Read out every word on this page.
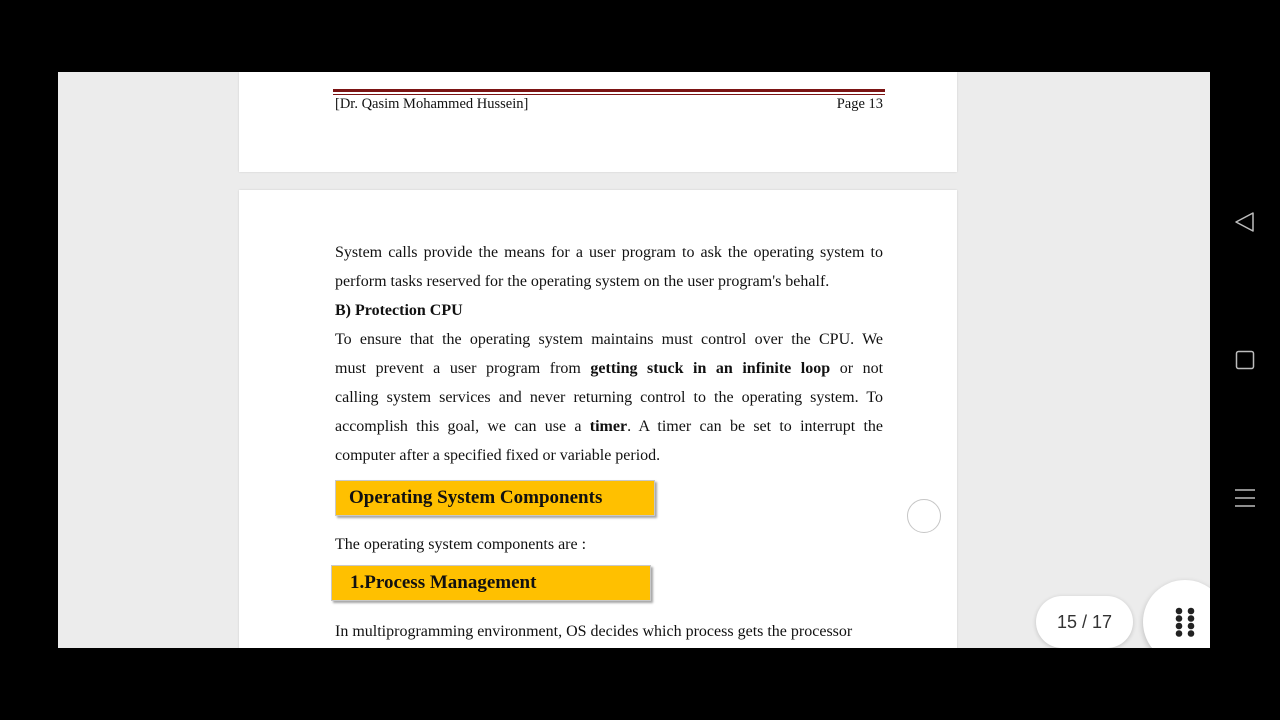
[Dr. Qasim Mohammed Hussein]	Page 13
System calls provide the means for a user program to ask the operating system to
perform tasks reserved for the operating system on the user program's behalf.
B) Protection CPU
To ensure that the operating system maintains must control over the CPU. We
must prevent a user program from getting stuck in an infinite loop or not
calling system services and never returning control to the operating system. To
accomplish this goal, we can use a timer. A timer can be set to interrupt the
computer after a specified fixed or variable period.
Operating System Components
The operating system components are :
1.Process Management
In multiprogramming environment, OS decides which process gets the processor	15 / 17
